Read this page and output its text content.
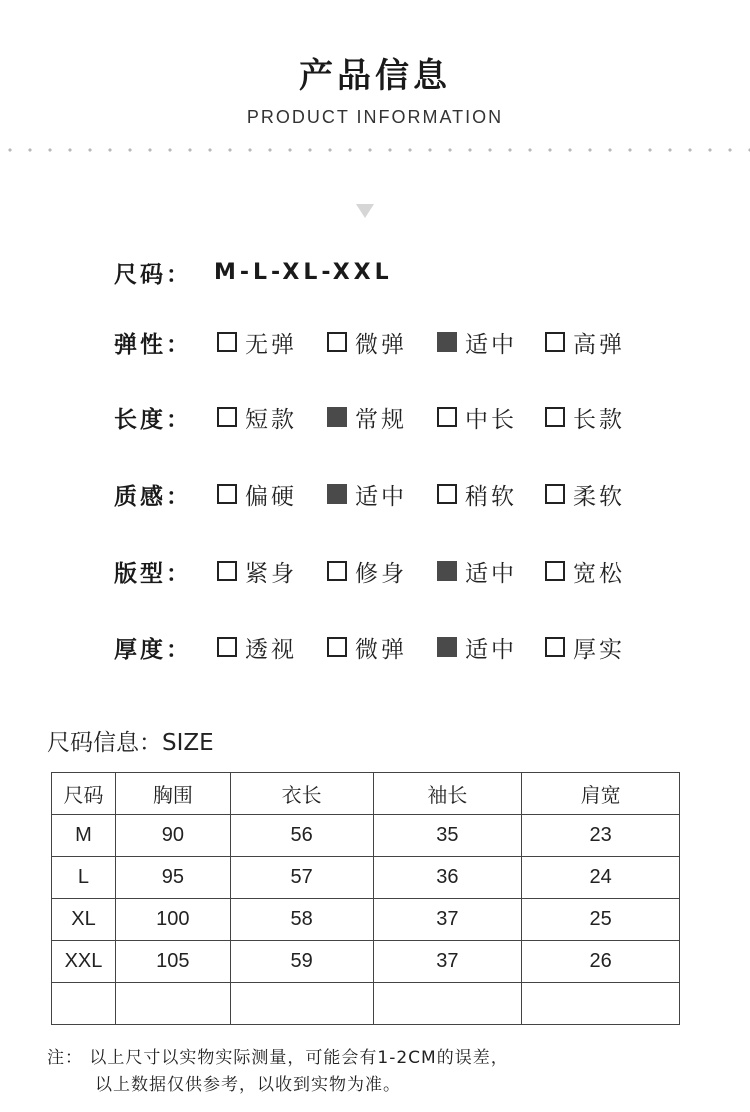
产品信息
PRODUCT INFORMATION
尺码：	M-L-XL-XXL
弹性：	无弹	微弹	适中 高弹
长度：	短款	常规	中长 长款
质感：	偏硬	适中	稍软 柔软
版型：	紧身	修身	适中 宽松
厚度：	透视	微弹	适中 厚实
尺码信息：SIZE
尺码	胸围	衣长	袖长	肩宽
M	90	56	35	23
L	95	57	36	24
XL	100	58	37	25
XXL	105	59	37	26

注： 以上尺寸以实物实际测量，可能会有1-2CM的误差，
以上数据仅供参考，以收到实物为准。
